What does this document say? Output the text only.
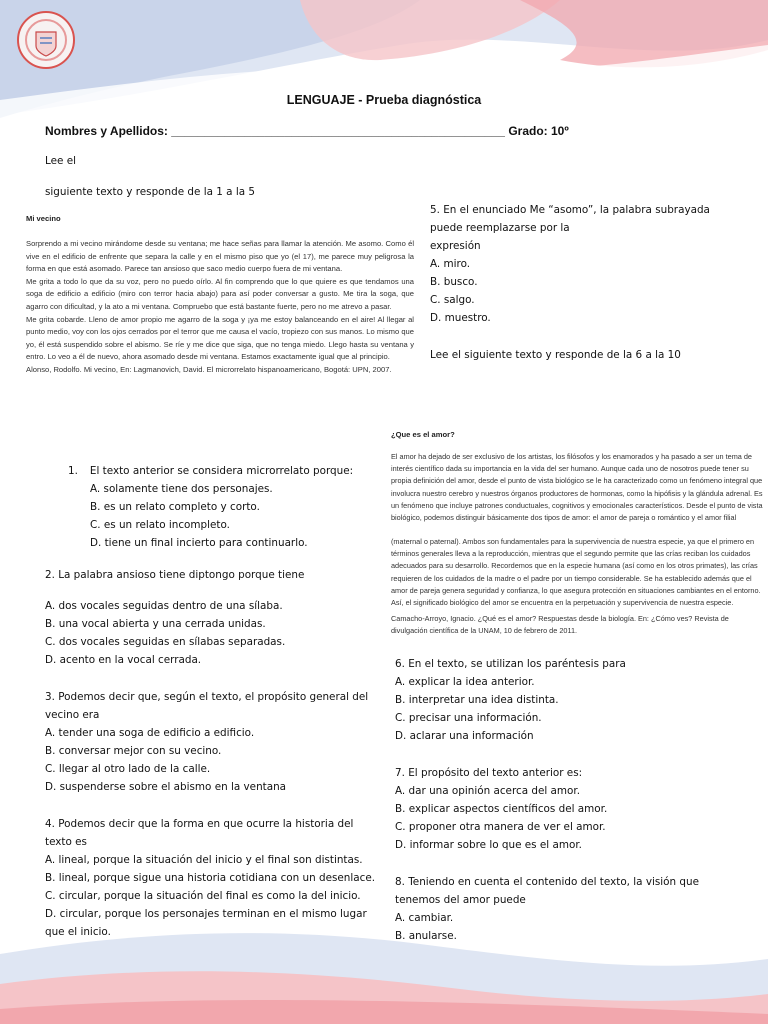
LENGUAJE - Prueba diagnóstica
Nombres y Apellidos: __________________________________________________ Grado: 10º
Lee el
siguiente texto y responde de la 1 a la 5
Mi vecino

Sorprendo a mi vecino mirándome desde su ventana; me hace señas para llamar la atención. Me asomo. Como él vive en el edificio de enfrente que separa la calle y en el mismo piso que yo (el 17), me parece muy peligrosa la forma en que está asomado. Parece tan ansioso que saco medio cuerpo fuera de mi ventana.

Me grita a todo lo que da su voz, pero no puedo oírlo. Al fin comprendo que lo que quiere es que tendamos una soga de edificio a edificio (miro con terror hacia abajo) para así poder conversar a gusto. Me tira la soga, que agarro con dificultad, y la ato a mi ventana. Compruebo que está bastante fuerte, pero no me atrevo a pasar.

Me grita cobarde. Lleno de amor propio me agarro de la soga y ¡ya me estoy balanceando en el aire! Al llegar al punto medio, voy con los ojos cerrados por el terror que me causa el vacío, tropiezo con sus manos. Lo mismo que yo, él está suspendido sobre el abismo. Se ríe y me dice que siga, que no tenga miedo. Llego hasta su ventana y entro. Lo veo a él de nuevo, ahora asomado desde mi ventana. Estamos exactamente igual que al principio.

Alonso, Rodolfo. Mi vecino, En: Lagmanovich, David. El microrrelato hispanoamericano, Bogotá: UPN, 2007.

1. El texto anterior se considera microrrelato porque:
A. solamente tiene dos personajes.
B. es un relato completo y corto.
C. es un relato incompleto.
D. tiene un final incierto para continuarlo.
2. La palabra ansioso tiene diptongo porque tiene
A. dos vocales seguidas dentro de una sílaba.
B. una vocal abierta y una cerrada unidas.
C. dos vocales seguidas en sílabas separadas.
D. acento en la vocal cerrada.
3. Podemos decir que, según el texto, el propósito general del
vecino era
A. tender una soga de edificio a edificio.
B. conversar mejor con su vecino.
C. llegar al otro lado de la calle.
D. suspenderse sobre el abismo en la ventana
4. Podemos decir que la forma en que ocurre la historia del
texto es
A. lineal, porque la situación del inicio y el final son distintas.
B. lineal, porque sigue una historia cotidiana con un desenlace.
C. circular, porque la situación del final es como la del inicio.
D. circular, porque los personajes terminan en el mismo lugar
que el inicio.
5. En el enunciado Me “asomo”, la palabra subrayada
puede reemplazarse por la
expresión
A. miro.
B. busco.
C. salgo.
D. muestro.
Lee el siguiente texto y responde de la 6 a la 10
¿Que es el amor?
El amor ha dejado de ser exclusivo de los artistas, los filósofos y los enamorados y ha pasado a ser un tema de interés científico dada su importancia en la vida del ser humano. Aunque cada uno de nosotros puede tener su propia definición del amor, desde el punto de vista biológico se le ha caracterizado como un fenómeno integral que involucra nuestro cerebro y nuestros órganos productores de hormonas, como la hipófisis y la glándula adrenal. Es un fenómeno que incluye patrones conductuales, cognitivos y emocionales característicos. Desde el punto de vista biológico, podemos distinguir básicamente dos tipos de amor: el amor de pareja o romántico y el amor filial
(maternal o paternal). Ambos son fundamentales para la supervivencia de nuestra especie, ya que el primero en términos generales lleva a la reproducción, mientras que el segundo permite que las crías reciban los cuidados adecuados para su desarrollo. Recordemos que en la especie humana (así como en los otros primates), las crías requieren de los cuidados de la madre o el padre por un tiempo considerable. Se ha establecido además que el amor de pareja genera seguridad y confianza, lo que asegura protección en situaciones cambiantes en el entorno. Así, el significado biológico del amor se encuentra en la perpetuación y supervivencia de nuestra especie.
Camacho-Arroyo, Ignacio. ¿Qué es el amor? Respuestas desde la biología. En: ¿Cómo ves? Revista de divulgación científica de la UNAM, 10 de febrero de 2011.
6. En el texto, se utilizan los paréntesis para
A. explicar la idea anterior.
B. interpretar una idea distinta.
C. precisar una información.
D. aclarar una información
7. El propósito del texto anterior es:
A. dar una opinión acerca del amor.
B. explicar aspectos científicos del amor.
C. proponer otra manera de ver el amor.
D. informar sobre lo que es el amor.
8. Teniendo en cuenta el contenido del texto, la visión que
tenemos del amor puede
A. cambiar.
B. anularse.
